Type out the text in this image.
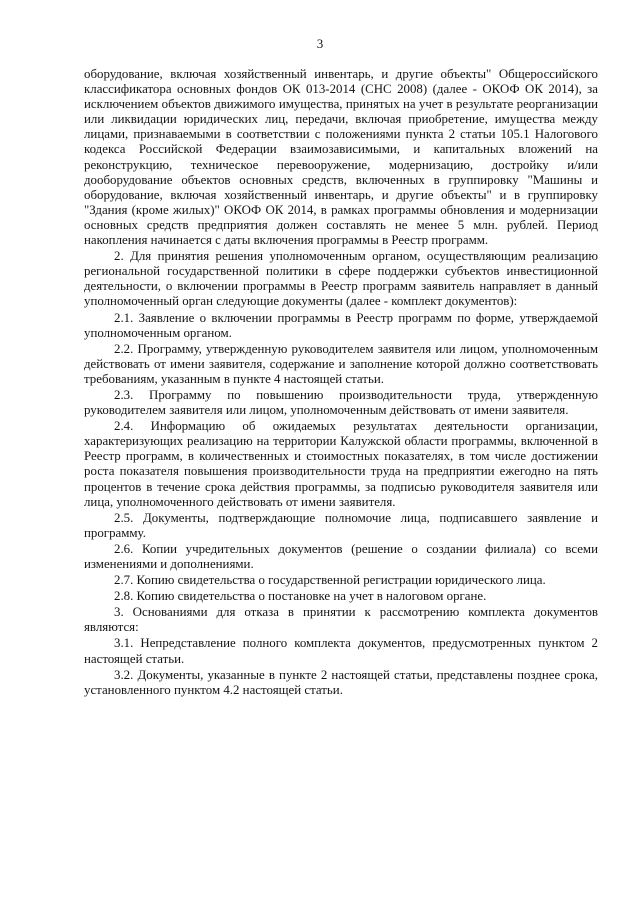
3

оборудование, включая хозяйственный инвентарь, и другие объекты" Общероссийского классификатора основных фондов ОК 013-2014 (СНС 2008) (далее - ОКОФ ОК 2014), за исключением объектов движимого имущества, принятых на учет в результате реорганизации или ликвидации юридических лиц, передачи, включая приобретение, имущества между лицами, признаваемыми в соответствии с положениями пункта 2 статьи 105.1 Налогового кодекса Российской Федерации взаимозависимыми, и капитальных вложений на реконструкцию, техническое перевооружение, модернизацию, достройку и/или дооборудование объектов основных средств, включенных в группировку "Машины и оборудование, включая хозяйственный инвентарь, и другие объекты" и в группировку "Здания (кроме жилых)" ОКОФ ОК 2014, в рамках программы обновления и модернизации основных средств предприятия должен составлять не менее 5 млн. рублей. Период накопления начинается с даты включения программы в Реестр программ.

2. Для принятия решения уполномоченным органом, осуществляющим реализацию региональной государственной политики в сфере поддержки субъектов инвестиционной деятельности, о включении программы в Реестр программ заявитель направляет в данный уполномоченный орган следующие документы (далее - комплект документов):

2.1. Заявление о включении программы в Реестр программ по форме, утверждаемой уполномоченным органом.

2.2. Программу, утвержденную руководителем заявителя или лицом, уполномоченным действовать от имени заявителя, содержание и заполнение которой должно соответствовать требованиям, указанным в пункте 4 настоящей статьи.

2.3. Программу по повышению производительности труда, утвержденную руководителем заявителя или лицом, уполномоченным действовать от имени заявителя.

2.4. Информацию об ожидаемых результатах деятельности организации, характеризующих реализацию на территории Калужской области программы, включенной в Реестр программ, в количественных и стоимостных показателях, в том числе достижении роста показателя повышения производительности труда на предприятии ежегодно на пять процентов в течение срока действия программы, за подписью руководителя заявителя или лица, уполномоченного действовать от имени заявителя.

2.5. Документы, подтверждающие полномочие лица, подписавшего заявление и программу.

2.6. Копии учредительных документов (решение о создании филиала) со всеми изменениями и дополнениями.

2.7. Копию свидетельства о государственной регистрации юридического лица.

2.8. Копию свидетельства о постановке на учет в налоговом органе.

3. Основаниями для отказа в принятии к рассмотрению комплекта документов являются:

3.1. Непредставление полного комплекта документов, предусмотренных пунктом 2 настоящей статьи.

3.2. Документы, указанные в пункте 2 настоящей статьи, представлены позднее срока, установленного пунктом 4.2 настоящей статьи.
